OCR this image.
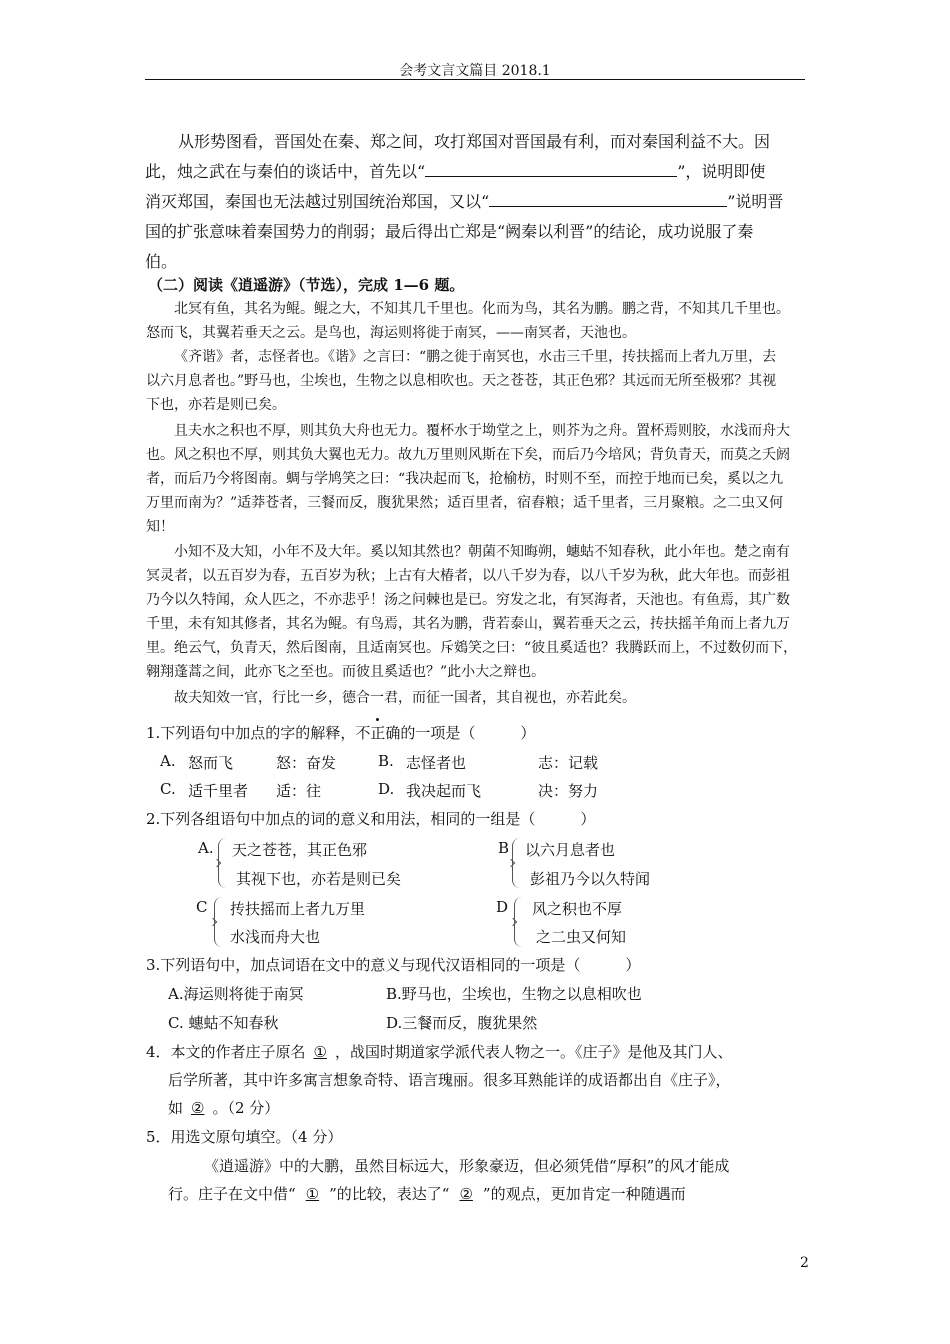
会考文言文篇目 2018.1
从形势图看，晋国处在秦、郑之间，攻打郑国对晋国最有利，而对秦国利益不大。因
此，烛之武在与秦伯的谈话中，首先以“	”，说明即使
消灭郑国，秦国也无法越过别国统治郑国，又以“	”说明晋
国的扩张意味着秦国势力的削弱；最后得出亡郑是“阙秦以利晋”的结论，成功说服了秦
伯。
（二）阅读《逍遥游》（节选），完成 1—6 题。
北冥有鱼，其名为鲲。鲲之大，不知其几千里也。化而为鸟，其名为鹏。鹏之背，不知其几千里也。
怒而飞，其翼若垂天之云。是鸟也，海运则将徙于南冥，——南冥者，天池也。
《齐谐》者，志怪者也。《谐》之言曰：“鹏之徙于南冥也，水击三千里，抟扶摇而上者九万里，去
以六月息者也。”野马也，尘埃也，生物之以息相吹也。天之苍苍，其正色邪？其远而无所至极邪？其视
下也，亦若是则已矣。
且夫水之积也不厚，则其负大舟也无力。覆杯水于坳堂之上，则芥为之舟。置杯焉则胶，水浅而舟大
也。风之积也不厚，则其负大翼也无力。故九万里则风斯在下矣，而后乃今培风；背负青天，而莫之夭阏
者，而后乃今将图南。蜩与学鸠笑之曰：“我决起而飞，抢榆枋，时则不至，而控于地而已矣，奚以之九
万里而南为？”适莽苍者，三餐而反，腹犹果然；适百里者，宿舂粮；适千里者，三月聚粮。之二虫又何
知！
小知不及大知，小年不及大年。奚以知其然也？朝菌不知晦朔，蟪蛄不知春秋，此小年也。楚之南有
冥灵者，以五百岁为春，五百岁为秋；上古有大椿者，以八千岁为春，以八千岁为秋，此大年也。而彭祖
乃今以久特闻，众人匹之，不亦悲乎！汤之问棘也是已。穷发之北，有冥海者，天池也。有鱼焉，其广数
千里，未有知其修者，其名为鲲。有鸟焉，其名为鹏，背若泰山，翼若垂天之云，抟扶摇羊角而上者九万
里。绝云气，负青天，然后图南，且适南冥也。斥鴳笑之曰：“彼且奚适也？我腾跃而上，不过数仞而下，
翱翔蓬蒿之间，此亦飞之至也。而彼且奚适也？”此小大之辩也。
故夫知效一官，行比一乡，德合一君，而征一国者，其自视也，亦若此矣。
1.下列语句中加点的字的解释，不正确的一项是（　　　）
A. 怒而飞	怒：奋发	B. 志怪者也	志：记载
C. 适千里者 适：往	D. 我决起而飞	决：努力
2.下列各组语句中加点的词的意义和用法，相同的一组是（　　　）
A. 天之苍苍，其正色邪
其视下也，亦若是则已矣
B 以六月息者也
彭祖乃今以久特闻
C 抟扶摇而上者九万里
水浅而舟大也
D 风之积也不厚
之二虫又何知
3.下列语句中，加点词语在文中的意义与现代汉语相同的一项是（　　　）
A.海运则将徙于南冥	B.野马也，尘埃也，生物之以息相吹也
C. 蟪蛄不知春秋	D.三餐而反，腹犹果然
4．本文的作者庄子原名 ① ，战国时期道家学派代表人物之一。《庄子》是他及其门人、
后学所著，其中许多寓言想象奇特、语言瑰丽。很多耳熟能详的成语都出自《庄子》，
如 ② 。（2 分）
5．用选文原句填空。（4 分）
《逍遥游》中的大鹏，虽然目标远大，形象豪迈，但必须凭借“厚积”的风才能成
行。庄子在文中借“ ① ”的比较，表达了“ ② ”的观点，更加肯定一种随遇而
2
